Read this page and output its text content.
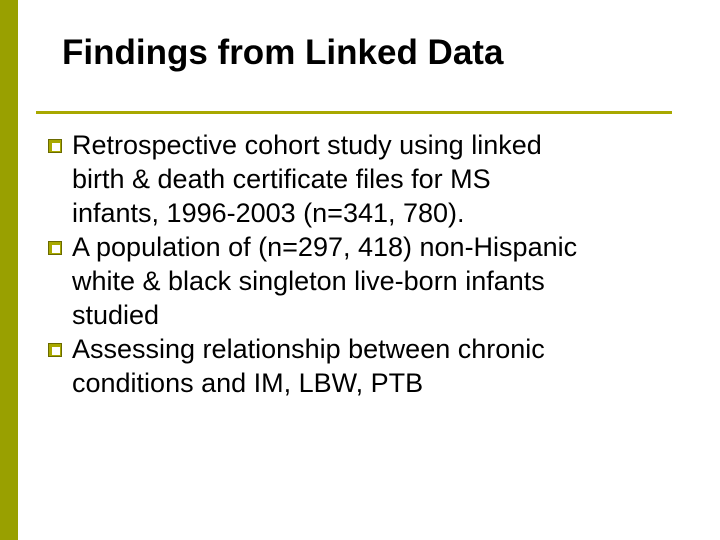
Findings from Linked Data
Retrospective cohort study using linked
birth & death certificate files for MS
infants, 1996-2003 (n=341, 780).
A population of (n=297, 418) non-Hispanic
white & black singleton live-born infants
studied
Assessing relationship between chronic
conditions and IM, LBW, PTB
